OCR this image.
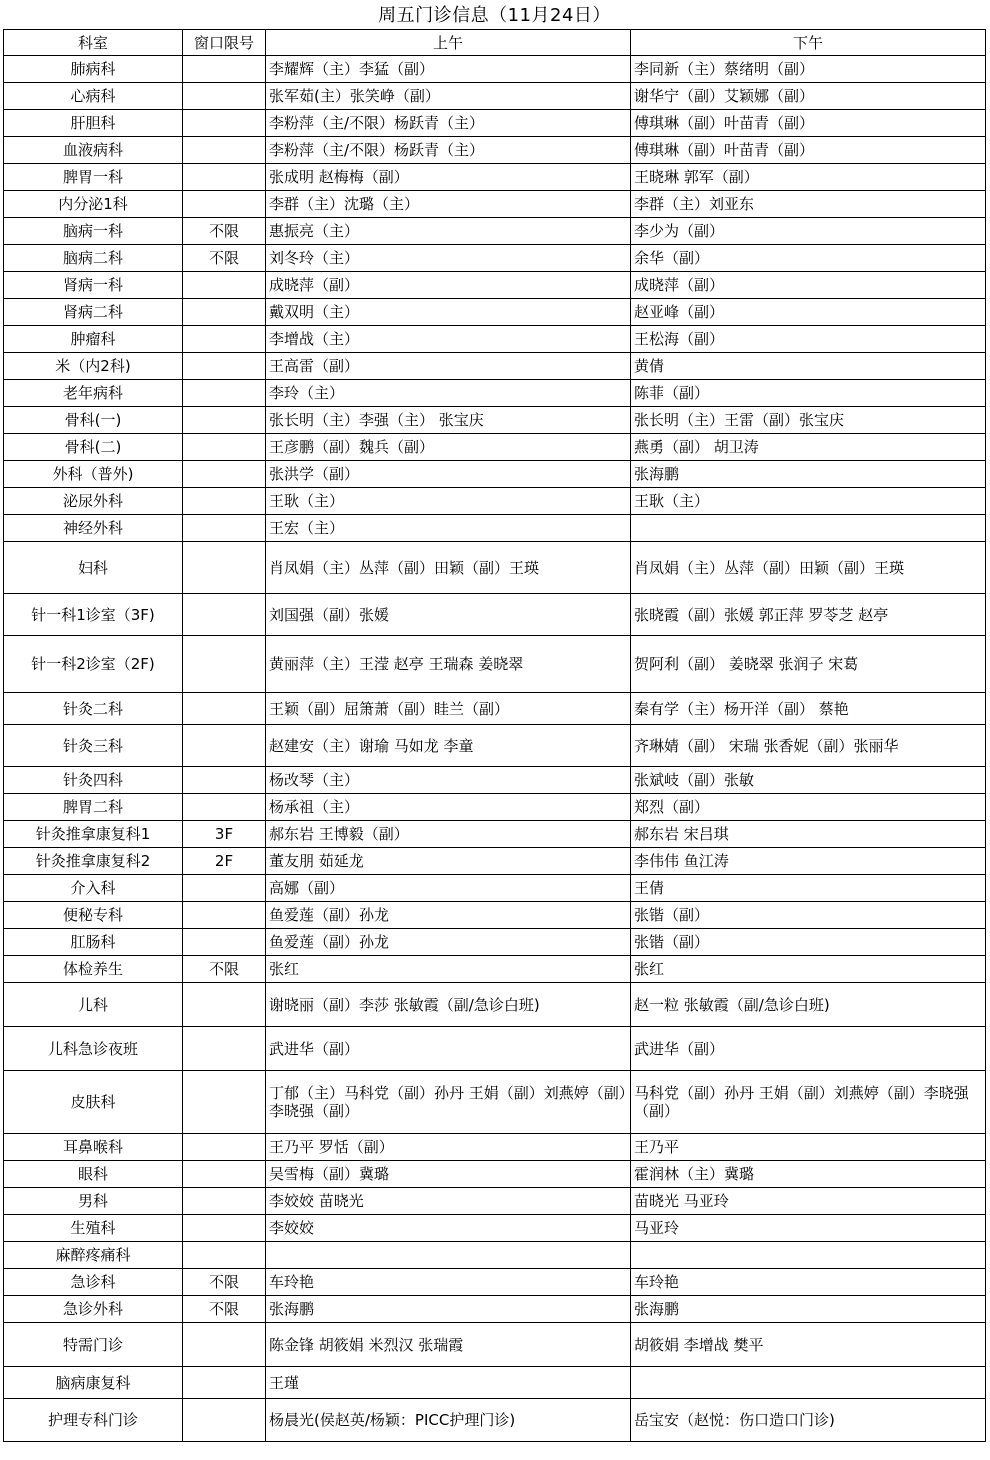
周五门诊信息（11月24日）			
科室	窗口限号	上午	下午
肺病科		李耀辉（主）李猛（副）	李同新（主）蔡绪明（副）
心病科		张军茹(主）张笑峥（副）	谢华宁（副）艾颖娜（副）
肝胆科		李粉萍（主/不限）杨跃青（主）	傅琪琳（副）叶苗青（副）
血液病科		李粉萍（主/不限）杨跃青（主）	傅琪琳（副）叶苗青（副）
脾胃一科		张成明 赵梅梅（副）	王晓琳 郭军（副）
内分泌1科		李群（主）沈璐（主）	李群（主）刘亚东
脑病一科	不限	惠振亮（主）	李少为（副）
脑病二科	不限	刘冬玲（主）	余华（副）
肾病一科		成晓萍（副）	成晓萍（副）
肾病二科		戴双明（主）	赵亚峰（副）
肿瘤科		李增战（主）	王松海（副）
米（内2科)		王高雷（副）	黄倩
老年病科		李玲（主）	陈菲（副）
骨科(一)		张长明（主）李强（主） 张宝庆	张长明（主）王雷（副）张宝庆
骨科(二)		王彦鹏（副）魏兵（副）	燕勇（副） 胡卫涛
外科（普外)		张洪学（副）	张海鹏
泌尿外科		王耿（主）	王耿（主）
神经外科		王宏（主）	
妇科		肖凤娟（主）丛萍（副）田颖（副）王瑛	肖凤娟（主）丛萍（副）田颖（副）王瑛
针一科1诊室（3F)		刘国强（副）张媛	张晓霞（副）张媛 郭正萍 罗苓芝 赵亭
针一科2诊室（2F)		黄丽萍（主）王滢 赵亭 王瑞森 姜晓翠	贺阿利（副） 姜晓翠 张润子 宋葛
针灸二科		王颖（副）屈箫萧（副）眭兰（副）	秦有学（主）杨开洋（副） 蔡艳
针灸三科		赵建安（主）谢瑜 马如龙 李童	齐琳婧（副） 宋瑞 张香妮（副）张丽华
针灸四科		杨改琴（主）	张斌岐（副）张敏
脾胃二科		杨承祖（主）	郑烈（副）
针灸推拿康复科1	3F	郝东岩 王博毅（副）	郝东岩 宋吕琪
针灸推拿康复科2	2F	董友朋 茹延龙	李伟伟 鱼江涛
介入科		高娜（副）	王倩
便秘专科		鱼爱莲（副）孙龙	张锴（副）
肛肠科		鱼爱莲（副）孙龙	张锴（副）
体检养生	不限	张红	张红
儿科		谢晓丽（副）李莎 张敏霞（副/急诊白班)	赵一粒 张敏霞（副/急诊白班)
儿科急诊夜班		武进华（副）	武进华（副）
皮肤科		丁郁（主）马科党（副）孙丹 王娟（副）刘燕婷（副）李晓强（副）	马科党（副）孙丹 王娟（副）刘燕婷（副）李晓强（副）
耳鼻喉科		王乃平 罗恬（副）	王乃平
眼科		吴雪梅（副）冀璐	霍润林（主）冀璐
男科		李姣姣 苗晓光	苗晓光 马亚玲
生殖科		李姣姣	马亚玲
麻醉疼痛科			
急诊科	不限	车玲艳	车玲艳
急诊外科	不限	张海鹏	张海鹏
特需门诊		陈金锋 胡筱娟 米烈汉 张瑞霞	胡筱娟 李增战 樊平
脑病康复科		王瑾	
护理专科门诊		杨晨光(侯赵英/杨颖：PICC护理门诊)	岳宝安（赵悦：伤口造口门诊)
